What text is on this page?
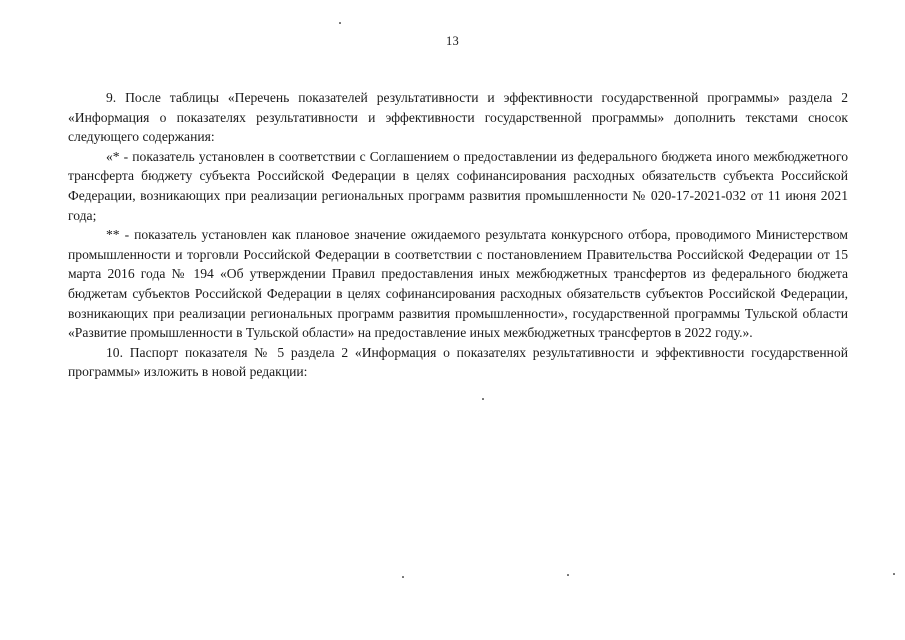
13

9. После таблицы «Перечень показателей результативности и эффективности государственной программы» раздела 2 «Информация о показателях результативности и эффективности государственной программы» дополнить текстами сносок следующего содержания:

«* - показатель установлен в соответствии с Соглашением о предоставлении из федерального бюджета иного межбюджетного трансферта бюджету субъекта Российской Федерации в целях софинансирования расходных обязательств субъекта Российской Федерации, возникающих при реализации региональных программ развития промышленности № 020-17-2021-032 от 11 июня 2021 года;

** - показатель установлен как плановое значение ожидаемого результата конкурсного отбора, проводимого Министерством промышленности и торговли Российской Федерации в соответствии с постановлением Правительства Российской Федерации от 15 марта 2016 года № 194 «Об утверждении Правил предоставления иных межбюджетных трансфертов из федерального бюджета бюджетам субъектов Российской Федерации в целях софинансирования расходных обязательств субъектов Российской Федерации, возникающих при реализации региональных программ развития промышленности», государственной программы Тульской области «Развитие промышленности в Тульской области» на предоставление иных межбюджетных трансфертов в 2022 году.».

10. Паспорт показателя № 5 раздела 2 «Информация о показателях результативности и эффективности государственной программы» изложить в новой редакции:
